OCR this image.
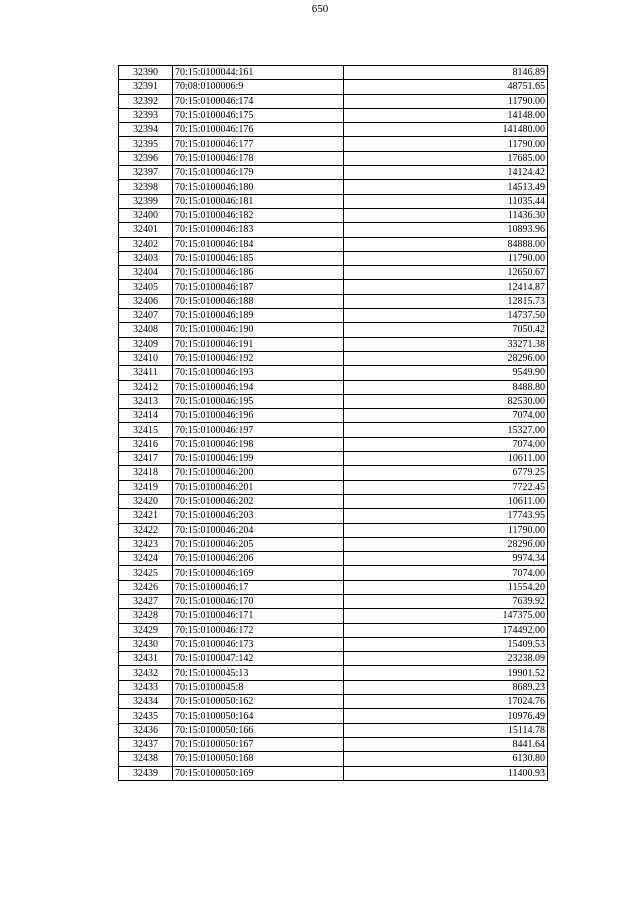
650
32390	70:15:0100044:161	8146.89
32391	70:08:0100006:9	48751.65
32392	70:15:0100046:174	11790.00
32393	70:15:0100046:175	14148.00
32394	70:15:0100046:176	141480.00
32395	70:15:0100046:177	11790.00
32396	70:15:0100046:178	17685.00
32397	70:15:0100046:179	14124.42
32398	70:15:0100046:180	14513.49
32399	70:15:0100046:181	11035.44
32400	70:15:0100046:182	11436.30
32401	70:15:0100046:183	10893.96
32402	70:15:0100046:184	84888.00
32403	70:15:0100046:185	11790.00
32404	70:15:0100046:186	12650.67
32405	70:15:0100046:187	12414.87
32406	70:15:0100046:188	12815.73
32407	70:15:0100046:189	14737.50
32408	70:15:0100046:190	7050.42
32409	70:15:0100046:191	33271.38
32410	70:15:0100046:192	28296.00
32411	70:15:0100046:193	9549.90
32412	70:15:0100046:194	8488.80
32413	70:15:0100046:195	82530.00
32414	70:15:0100046:196	7074.00
32415	70:15:0100046:197	15327.00
32416	70:15:0100046:198	7074.00
32417	70:15:0100046:199	10611.00
32418	70:15:0100046:200	6779.25
32419	70:15:0100046:201	7722.45
32420	70:15:0100046:202	10611.00
32421	70:15:0100046:203	17743.95
32422	70:15:0100046:204	11790.00
32423	70:15:0100046:205	28296.00
32424	70:15:0100046:206	9974.34
32425	70:15:0100046:169	7074.00
32426	70:15:0100046:17	11554.20
32427	70:15:0100046:170	7639.92
32428	70:15:0100046:171	147375.00
32429	70:15:0100046:172	174492.00
32430	70:15:0100046:173	15409.53
32431	70:15:0100047:142	23238.09
32432	70:15:0100045:13	19901.52
32433	70:15:0100045:8	8689.23
32434	70:15:0100050:162	17024.76
32435	70:15:0100050:164	10976.49
32436	70:15:0100050:166	15114.78
32437	70:15:0100050:167	8441.64
32438	70:15:0100050:168	6130.80
32439	70:15:0100050:169	11400.93
